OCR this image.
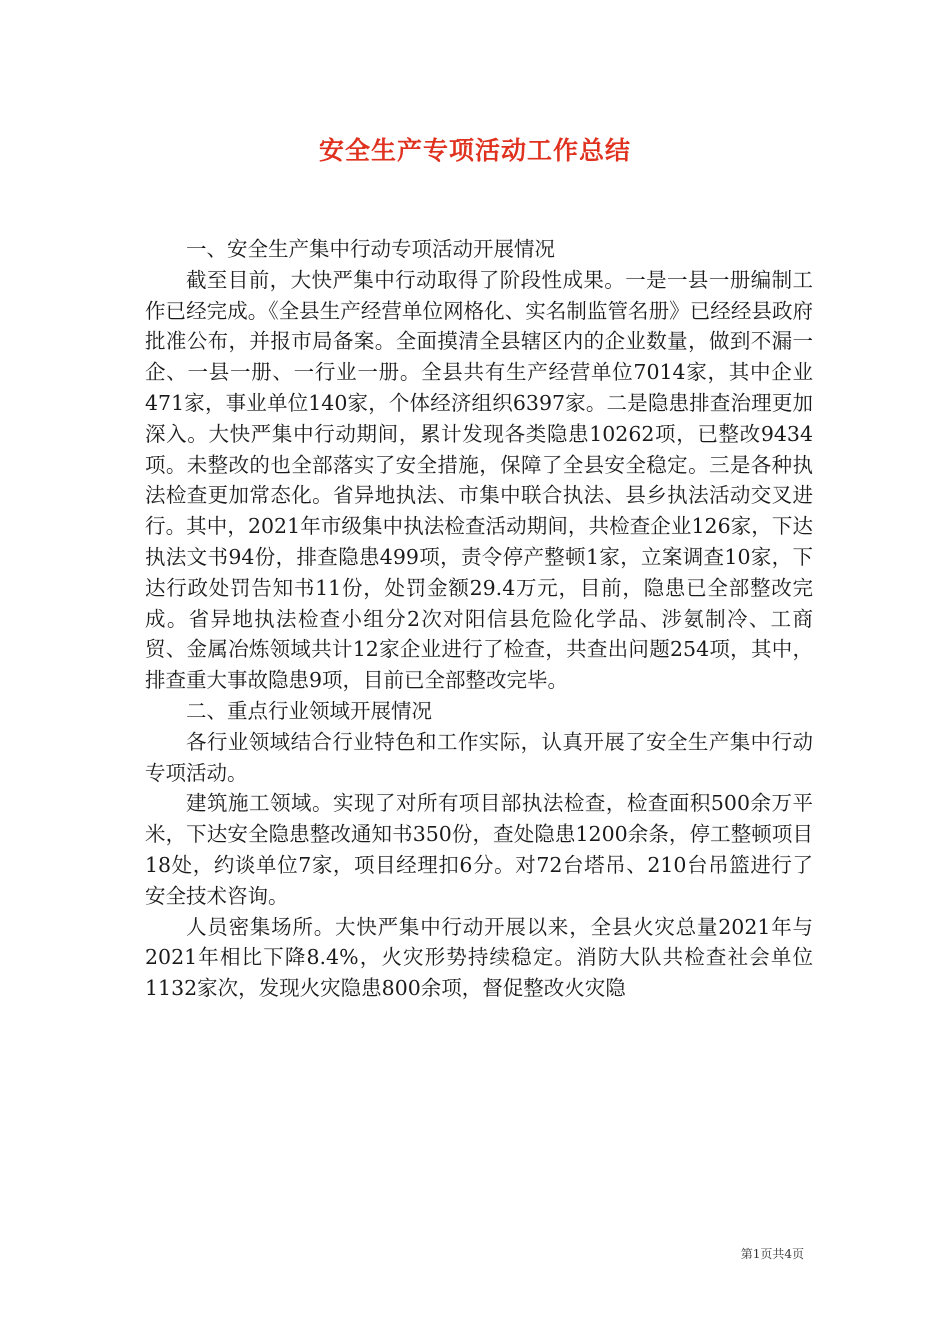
安全生产专项活动工作总结

一、安全生产集中行动专项活动开展情况

截至目前，大快严集中行动取得了阶段性成果。一是一县一册编制工作已经完成。《全县生产经营单位网格化、实名制监管名册》已经经县政府批准公布，并报市局备案。全面摸清全县辖区内的企业数量，做到不漏一企、一县一册、一行业一册。全县共有生产经营单位7014家，其中企业471家，事业单位140家，个体经济组织6397家。二是隐患排查治理更加深入。大快严集中行动期间，累计发现各类隐患10262项，已整改9434项。未整改的也全部落实了安全措施，保障了全县安全稳定。三是各种执法检查更加常态化。省异地执法、市集中联合执法、县乡执法活动交叉进行。其中，2021年市级集中执法检查活动期间，共检查企业126家，下达执法文书94份，排查隐患499项，责令停产整顿1家，立案调查10家，下达行政处罚告知书11份，处罚金额29.4万元，目前，隐患已全部整改完成。省异地执法检查小组分2次对阳信县危险化学品、涉氨制冷、工商贸、金属冶炼领域共计12家企业进行了检查，共查出问题254项，其中，排查重大事故隐患9项，目前已全部整改完毕。

二、重点行业领域开展情况

各行业领域结合行业特色和工作实际，认真开展了安全生产集中行动专项活动。

建筑施工领域。实现了对所有项目部执法检查，检查面积500余万平米，下达安全隐患整改通知书350份，查处隐患1200余条，停工整顿项目18处，约谈单位7家，项目经理扣6分。对72台塔吊、210台吊篮进行了安全技术咨询。

人员密集场所。大快严集中行动开展以来，全县火灾总量2021年与2021年相比下降8.4%，火灾形势持续稳定。消防大队共检查社会单位1132家次，发现火灾隐患800余项，督促整改火灾隐

第1页共4页
